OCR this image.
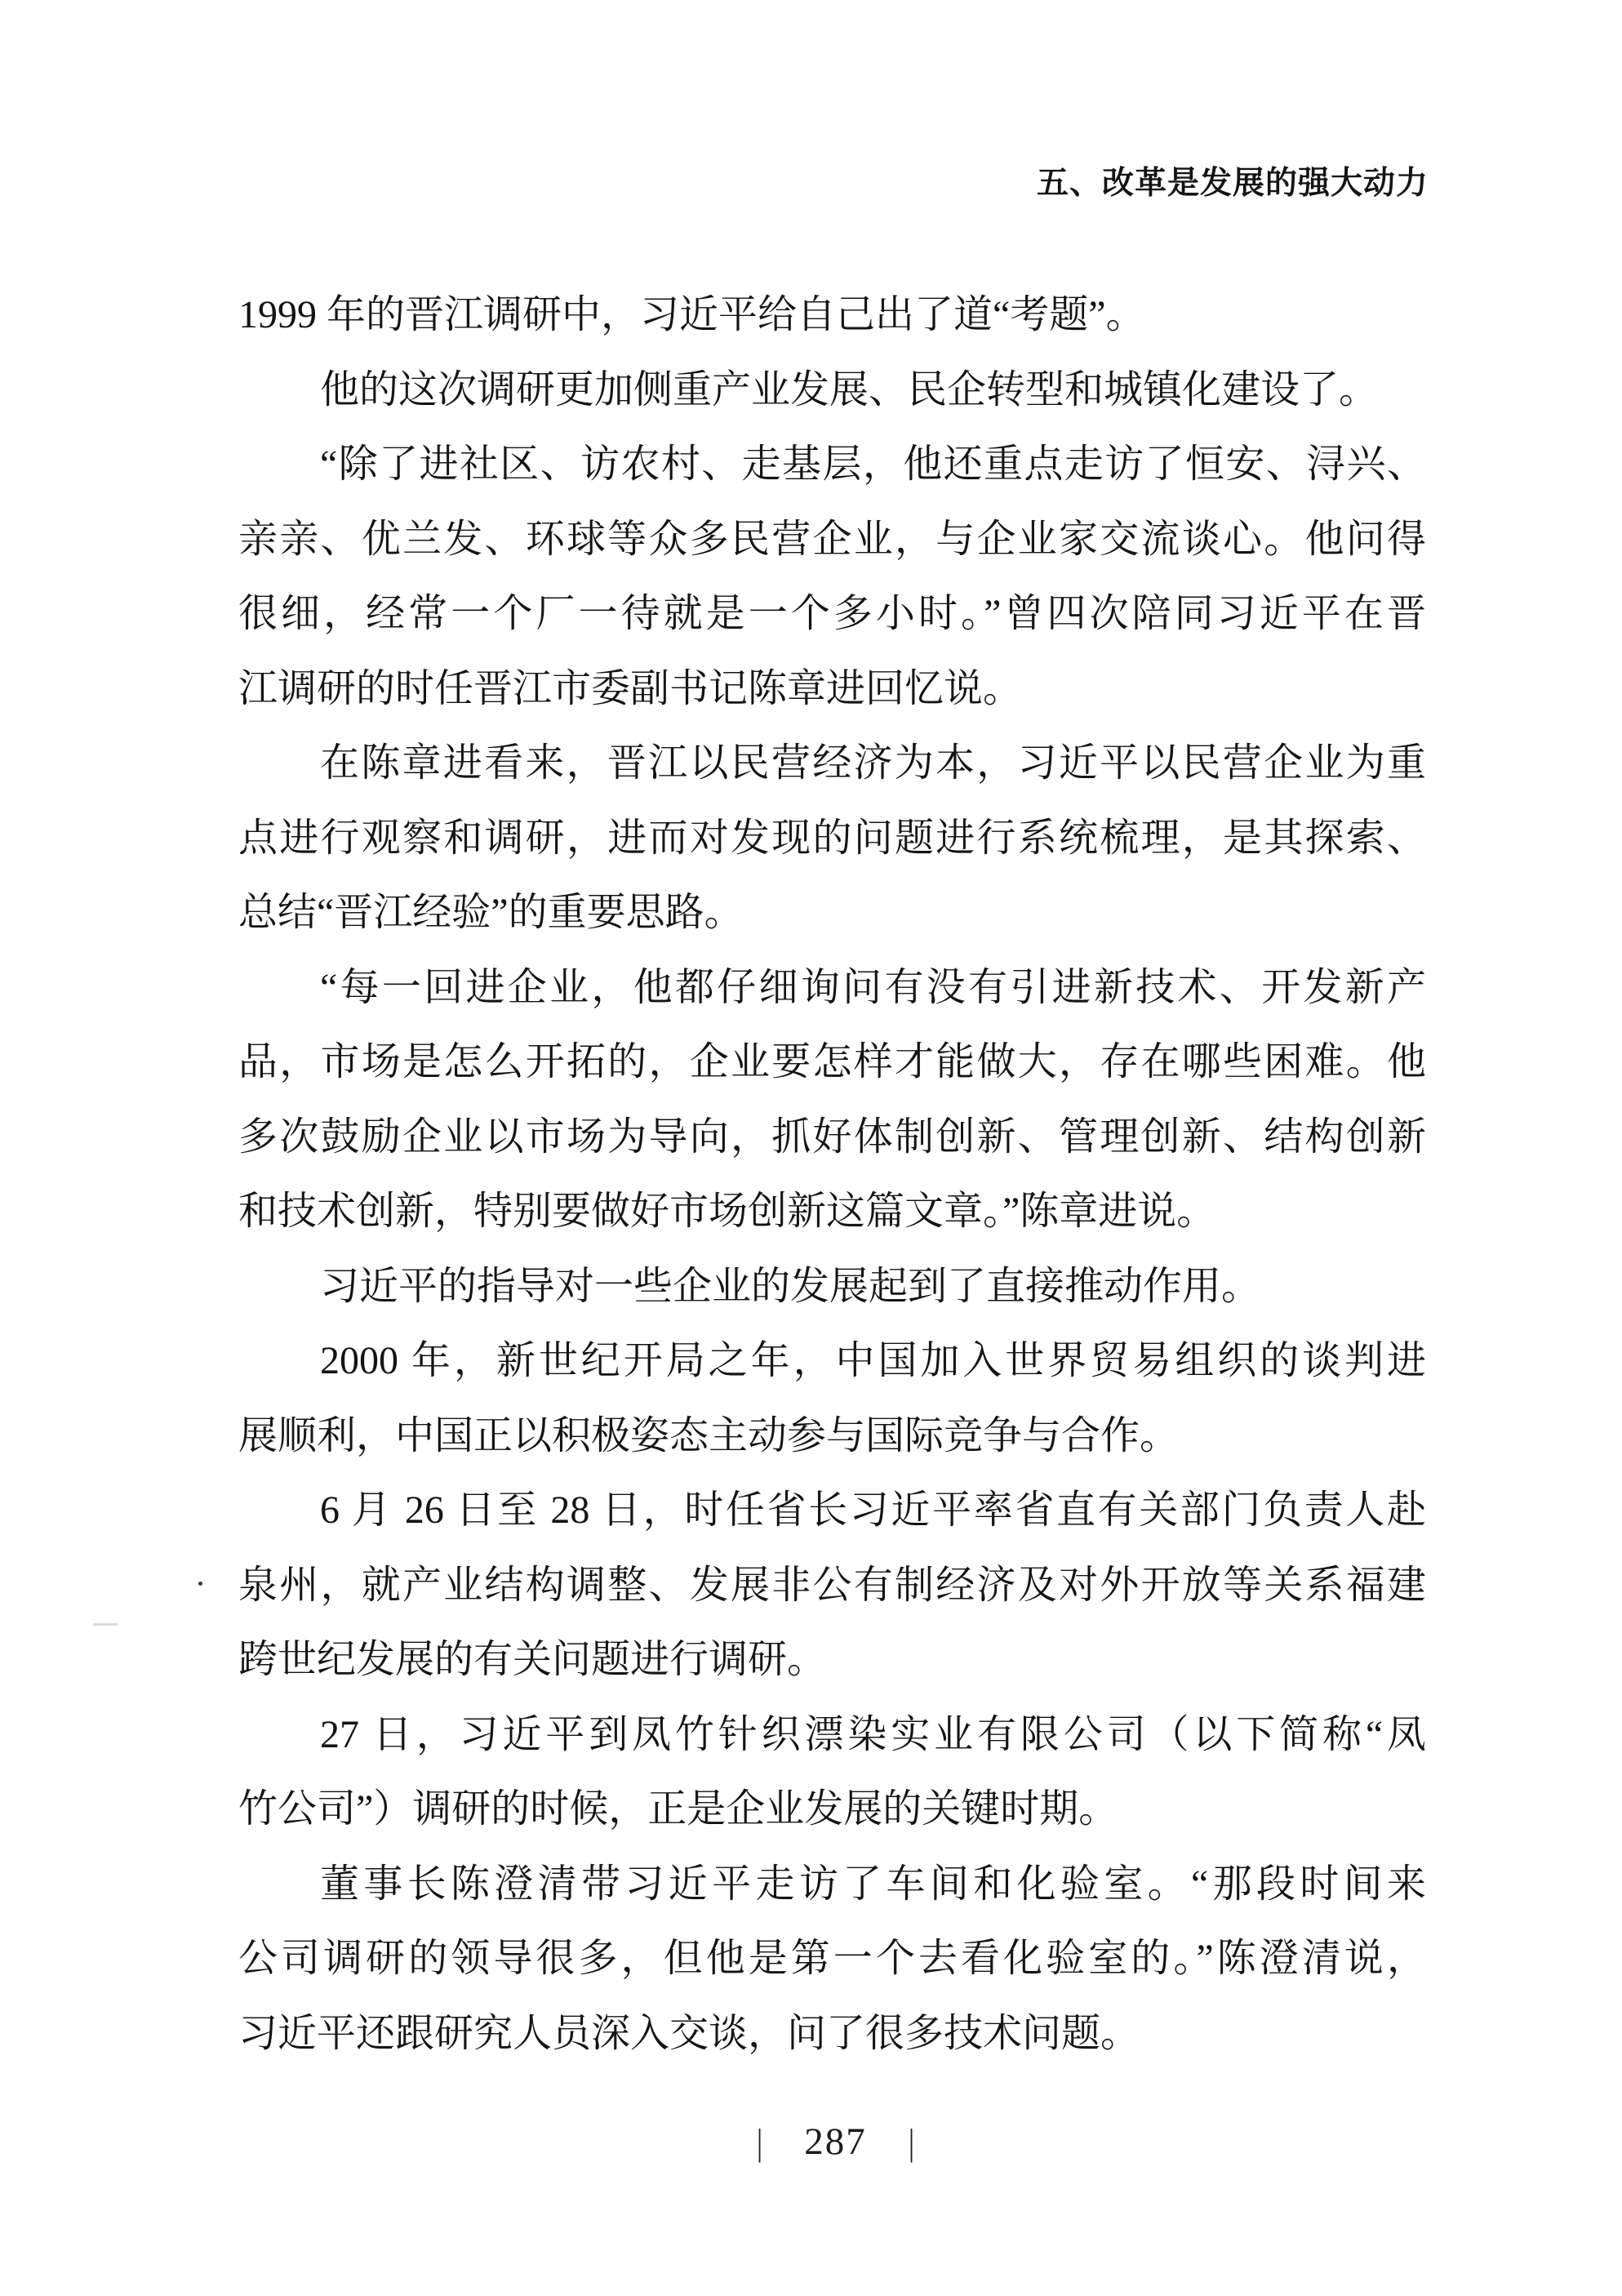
五、改革是发展的强大动力
1999 年的晋江调研中，习近平给自己出了道“考题”。
他的这次调研更加侧重产业发展、民企转型和城镇化建设了。
“除了进社区、访农村、走基层，他还重点走访了恒安、浔兴、
亲亲、优兰发、环球等众多民营企业，与企业家交流谈心。他问得
很细，经常一个厂一待就是一个多小时。”曾四次陪同习近平在晋
江调研的时任晋江市委副书记陈章进回忆说。
在陈章进看来，晋江以民营经济为本，习近平以民营企业为重
点进行观察和调研，进而对发现的问题进行系统梳理，是其探索、
总结“晋江经验”的重要思路。
“每一回进企业，他都仔细询问有没有引进新技术、开发新产
品，市场是怎么开拓的，企业要怎样才能做大，存在哪些困难。他
多次鼓励企业以市场为导向，抓好体制创新、管理创新、结构创新
和技术创新，特别要做好市场创新这篇文章。”陈章进说。
习近平的指导对一些企业的发展起到了直接推动作用。
2000 年，新世纪开局之年，中国加入世界贸易组织的谈判进
展顺利，中国正以积极姿态主动参与国际竞争与合作。
6 月 26 日至 28 日，时任省长习近平率省直有关部门负责人赴
泉州，就产业结构调整、发展非公有制经济及对外开放等关系福建
跨世纪发展的有关问题进行调研。
27 日，习近平到凤竹针织漂染实业有限公司（以下简称“凤
竹公司”）调研的时候，正是企业发展的关键时期。
董事长陈澄清带习近平走访了车间和化验室。“那段时间来
公司调研的领导很多，但他是第一个去看化验室的。”陈澄清说，
习近平还跟研究人员深入交谈，问了很多技术问题。
| 287 |
